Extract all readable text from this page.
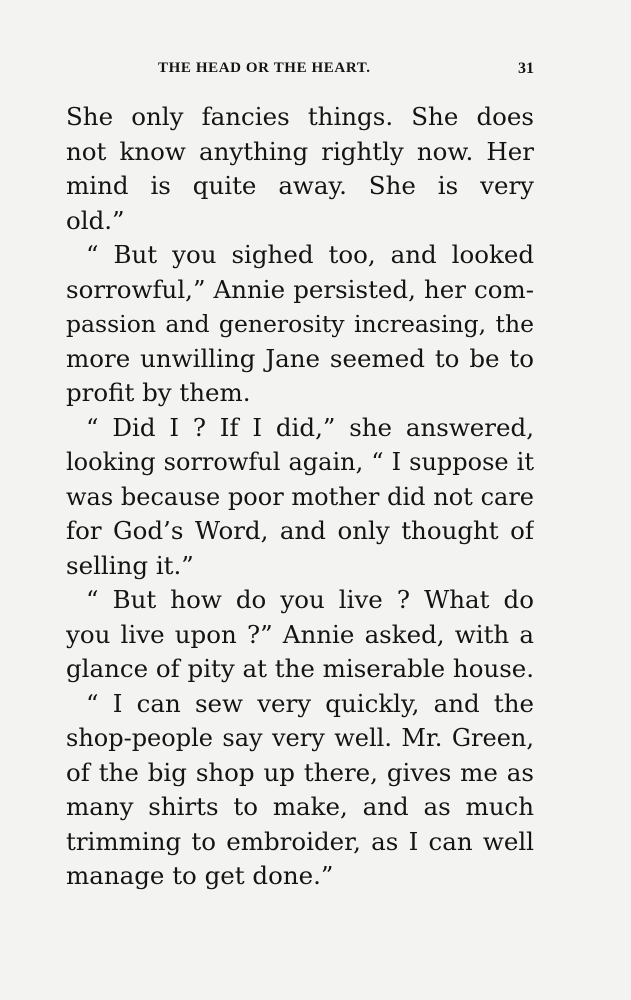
THE HEAD OR THE HEART.	31
She only fancies things. She does
not know anything rightly now. Her
mind is quite away. She is very
old.”
“ But you sighed too, and looked
sorrowful,” Annie persisted, her com-
passion and generosity increasing, the
more unwilling Jane seemed to be to
profit by them.
“ Did I ? If I did,” she answered,
looking sorrowful again, “ I suppose it
was because poor mother did not care
for God’s Word, and only thought of
selling it.”
“ But how do you live ? What do
you live upon ?” Annie asked, with a
glance of pity at the miserable house.
“ I can sew very quickly, and the
shop-people say very well. Mr. Green,
of the big shop up there, gives me as
many shirts to make, and as much
trimming to embroider, as I can well
manage to get done.”
